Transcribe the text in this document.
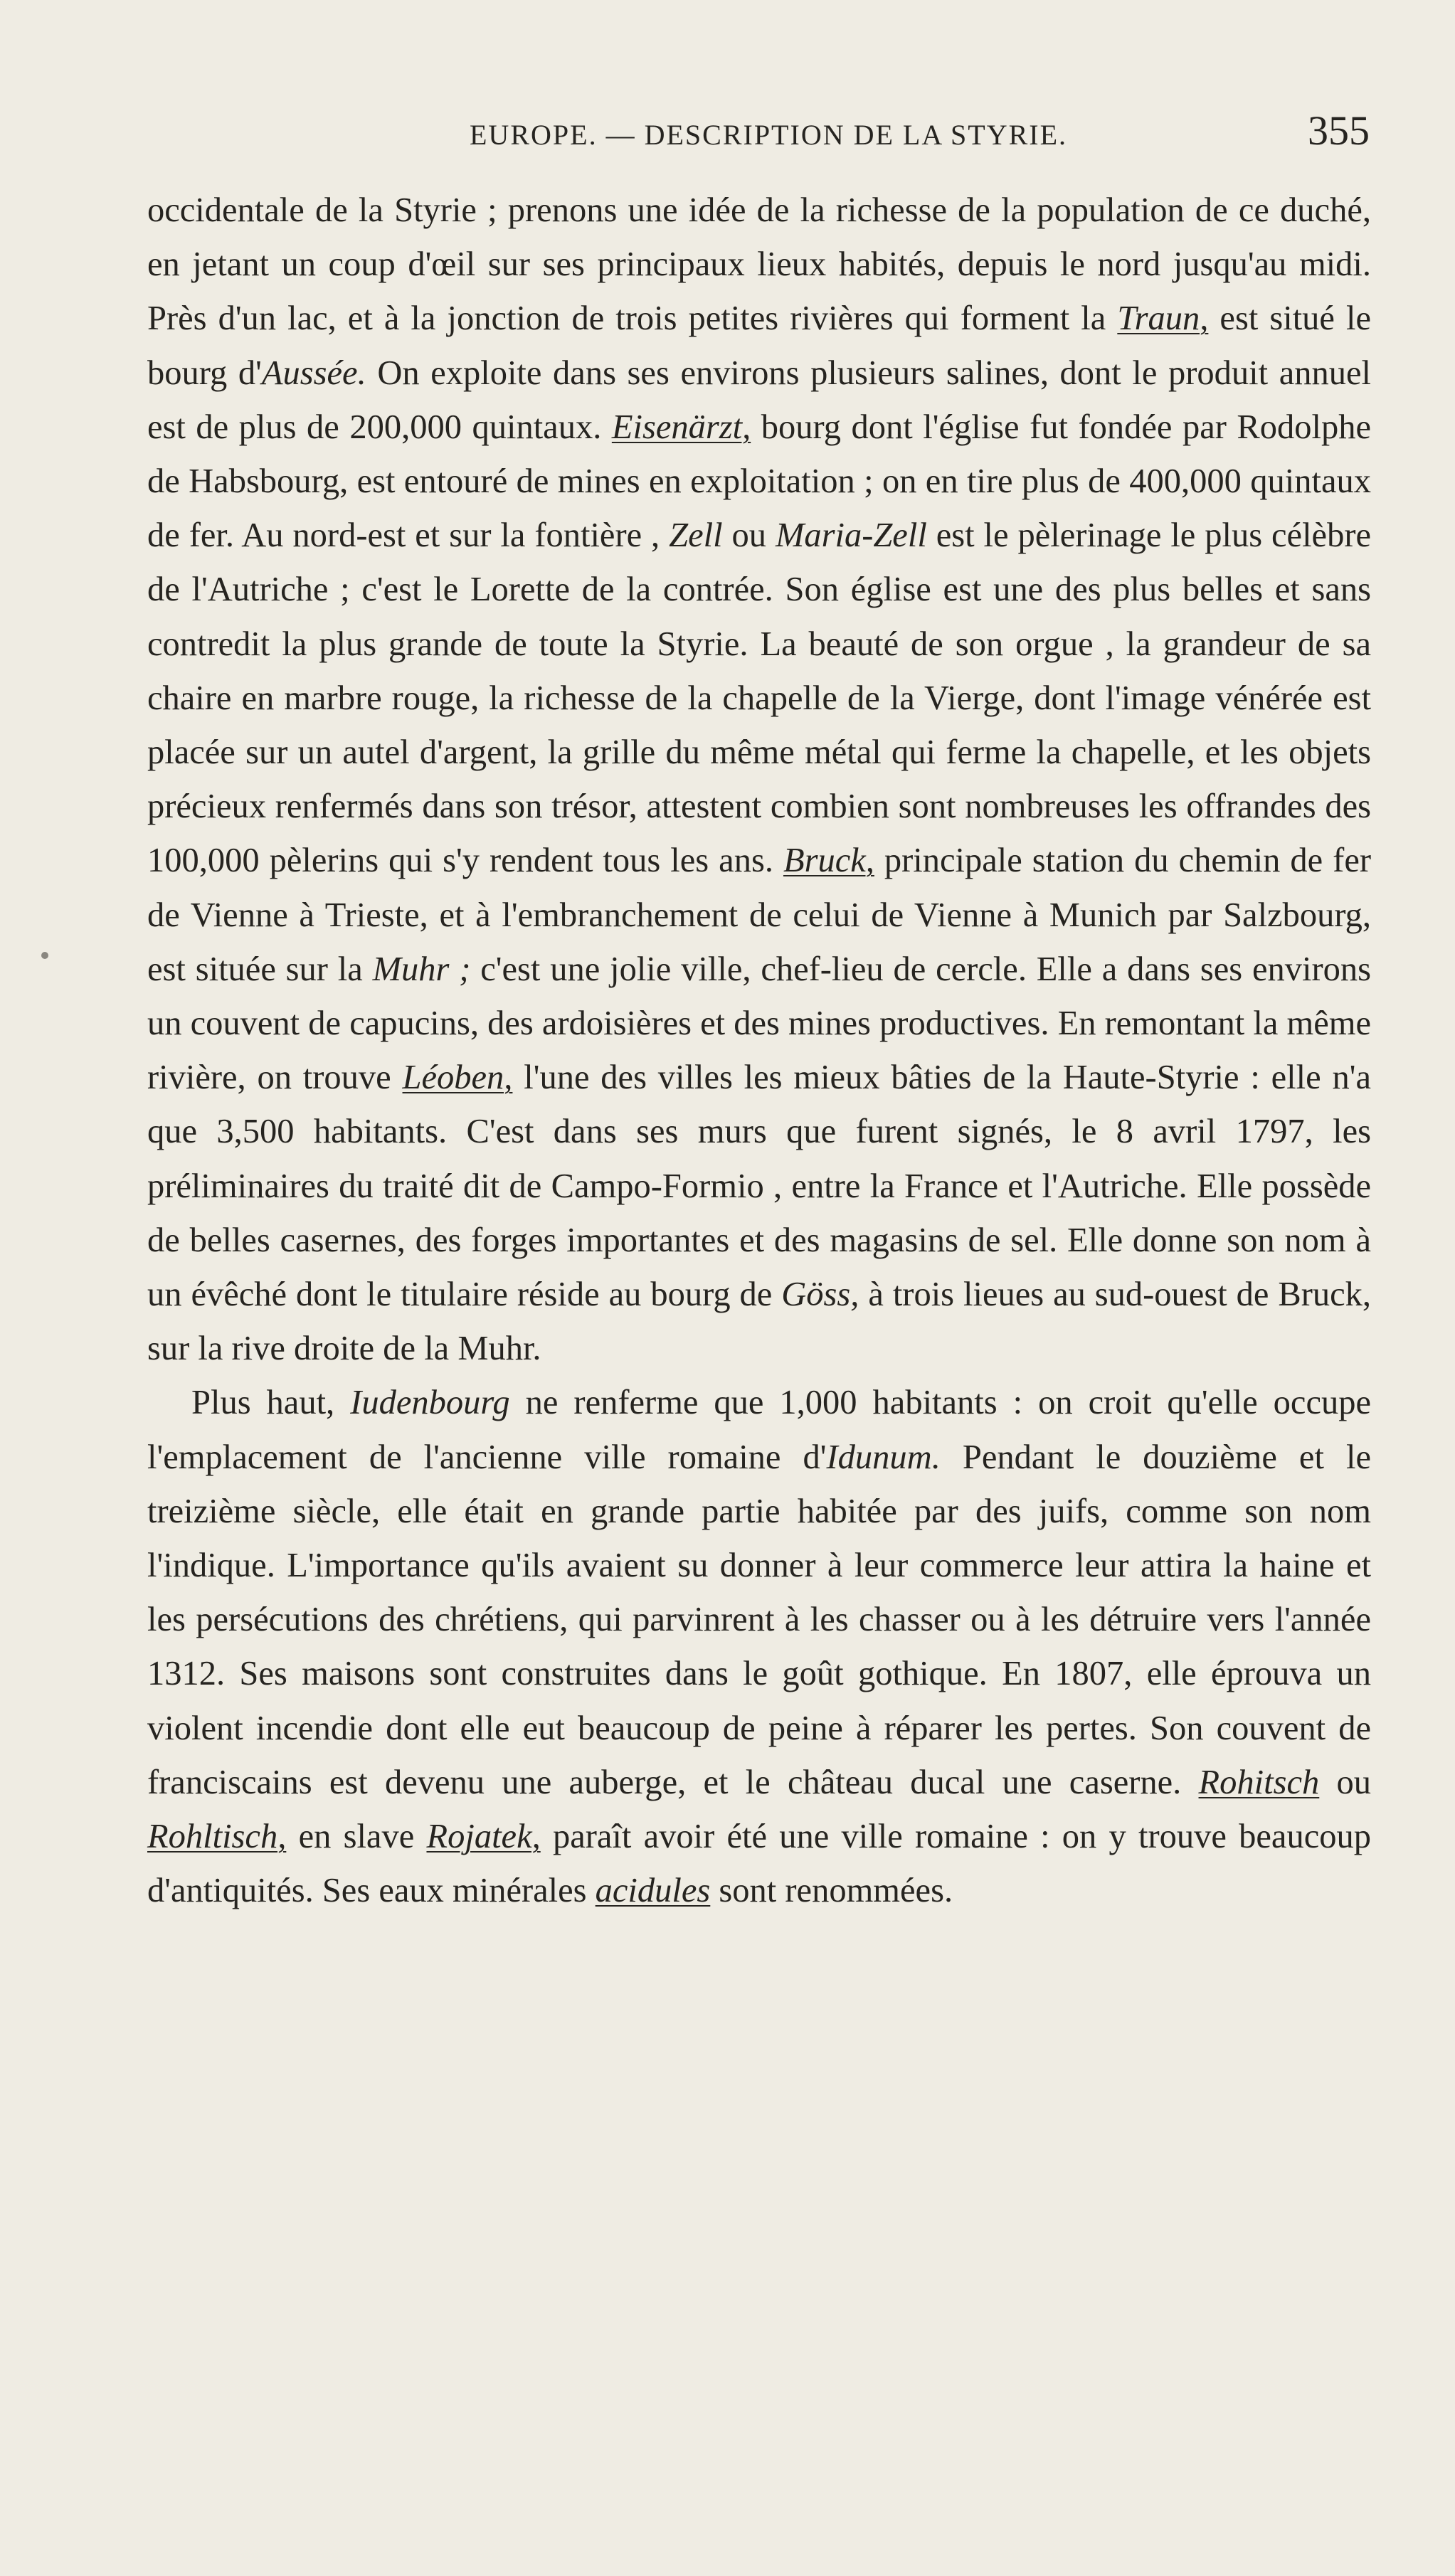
EUROPE. — DESCRIPTION DE LA STYRIE.	355

occidentale de la Styrie ; prenons une idée de la richesse de la population de ce duché, en jetant un coup d'œil sur ses principaux lieux habités, depuis le nord jusqu'au midi. Près d'un lac, et à la jonction de trois petites rivières qui forment la Traun, est situé le bourg d'Aussée. On exploite dans ses environs plusieurs salines, dont le produit annuel est de plus de 200,000 quintaux. Eisenärzt, bourg dont l'église fut fondée par Rodolphe de Habsbourg, est entouré de mines en exploitation ; on en tire plus de 400,000 quintaux de fer. Au nord-est et sur la fontière , Zell ou Maria-Zell est le pèlerinage le plus célèbre de l'Autriche ; c'est le Lorette de la contrée. Son église est une des plus belles et sans contredit la plus grande de toute la Styrie. La beauté de son orgue , la grandeur de sa chaire en marbre rouge, la richesse de la chapelle de la Vierge, dont l'image vénérée est placée sur un autel d'argent, la grille du même métal qui ferme la chapelle, et les objets précieux renfermés dans son trésor, attestent combien sont nombreuses les offrandes des 100,000 pèlerins qui s'y rendent tous les ans. Bruck, principale station du chemin de fer de Vienne à Trieste, et à l'embranchement de celui de Vienne à Munich par Salzbourg, est située sur la Muhr ; c'est une jolie ville, chef-lieu de cercle. Elle a dans ses environs un couvent de capucins, des ardoisières et des mines productives. En remontant la même rivière, on trouve Léoben, l'une des villes les mieux bâties de la Haute-Styrie : elle n'a que 3,500 habitants. C'est dans ses murs que furent signés, le 8 avril 1797, les préliminaires du traité dit de Campo-Formio , entre la France et l'Autriche. Elle possède de belles casernes, des forges importantes et des magasins de sel. Elle donne son nom à un évêché dont le titulaire réside au bourg de Göss, à trois lieues au sud-ouest de Bruck, sur la rive droite de la Muhr.

Plus haut, Iudenbourg ne renferme que 1,000 habitants : on croit qu'elle occupe l'emplacement de l'ancienne ville romaine d'Idunum. Pendant le douzième et le treizième siècle, elle était en grande partie habitée par des juifs, comme son nom l'indique. L'importance qu'ils avaient su donner à leur commerce leur attira la haine et les persécutions des chrétiens, qui parvinrent à les chasser ou à les détruire vers l'année 1312. Ses maisons sont construites dans le goût gothique. En 1807, elle éprouva un violent incendie dont elle eut beaucoup de peine à réparer les pertes. Son couvent de franciscains est devenu une auberge, et le château ducal une caserne. Rohitsch ou Rohltisch, en slave Rojatek, paraît avoir été une ville romaine : on y trouve beaucoup d'antiquités. Ses eaux minérales acidules sont renommées.
